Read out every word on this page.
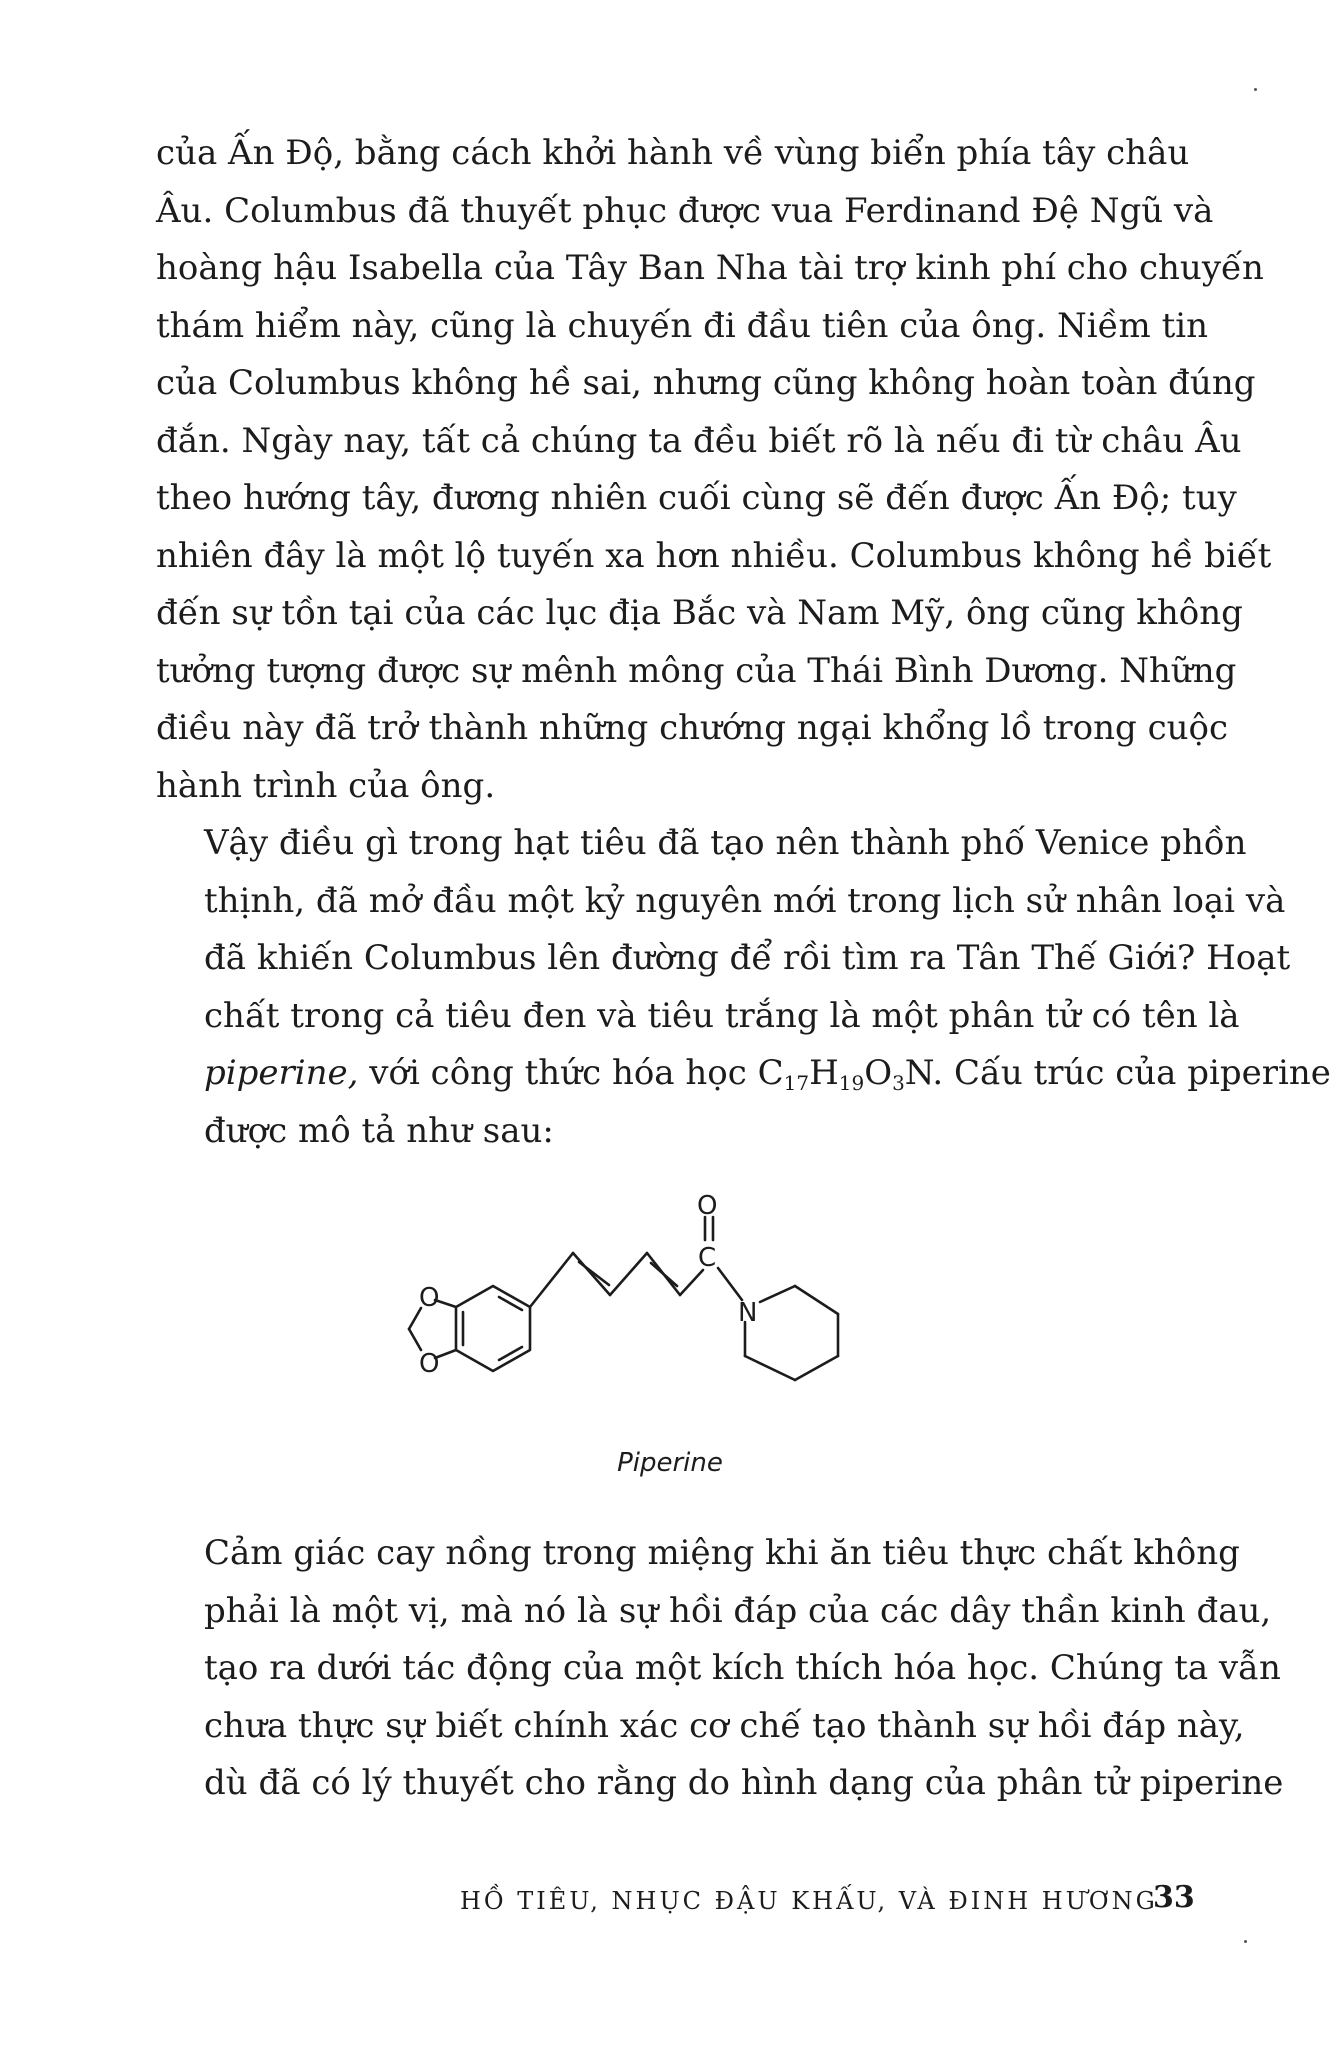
của Ấn Độ, bằng cách khởi hành về vùng biển phía tây châu
Âu. Columbus đã thuyết phục được vua Ferdinand Đệ Ngũ và
hoàng hậu Isabella của Tây Ban Nha tài trợ kinh phí cho chuyến
thám hiểm này, cũng là chuyến đi đầu tiên của ông. Niềm tin
của Columbus không hề sai, nhưng cũng không hoàn toàn đúng
đắn. Ngày nay, tất cả chúng ta đều biết rõ là nếu đi từ châu Âu
theo hướng tây, đương nhiên cuối cùng sẽ đến được Ấn Độ; tuy
nhiên đây là một lộ tuyến xa hơn nhiều. Columbus không hề biết
đến sự tồn tại của các lục địa Bắc và Nam Mỹ, ông cũng không
tưởng tượng được sự mênh mông của Thái Bình Dương. Những
điều này đã trở thành những chướng ngại khổng lồ trong cuộc
hành trình của ông.
Vậy điều gì trong hạt tiêu đã tạo nên thành phố Venice phồn
thịnh, đã mở đầu một kỷ nguyên mới trong lịch sử nhân loại và
đã khiến Columbus lên đường để rồi tìm ra Tân Thế Giới? Hoạt
chất trong cả tiêu đen và tiêu trắng là một phân tử có tên là
piperine, với công thức hóa học $C_{17}H_{19}O_3N$. Cấu trúc của piperine
được mô tả như sau:
O
C
N
O
O
Piperine
Cảm giác cay nồng trong miệng khi ăn tiêu thực chất không
phải là một vị, mà nó là sự hồi đáp của các dây thần kinh đau,
tạo ra dưới tác động của một kích thích hóa học. Chúng ta vẫn
chưa thực sự biết chính xác cơ chế tạo thành sự hồi đáp này,
dù đã có lý thuyết cho rằng do hình dạng của phân tử piperine
HỒ TIÊU, NHỤC ĐẬU KHẤU, VÀ ĐINH HƯƠNG
33
